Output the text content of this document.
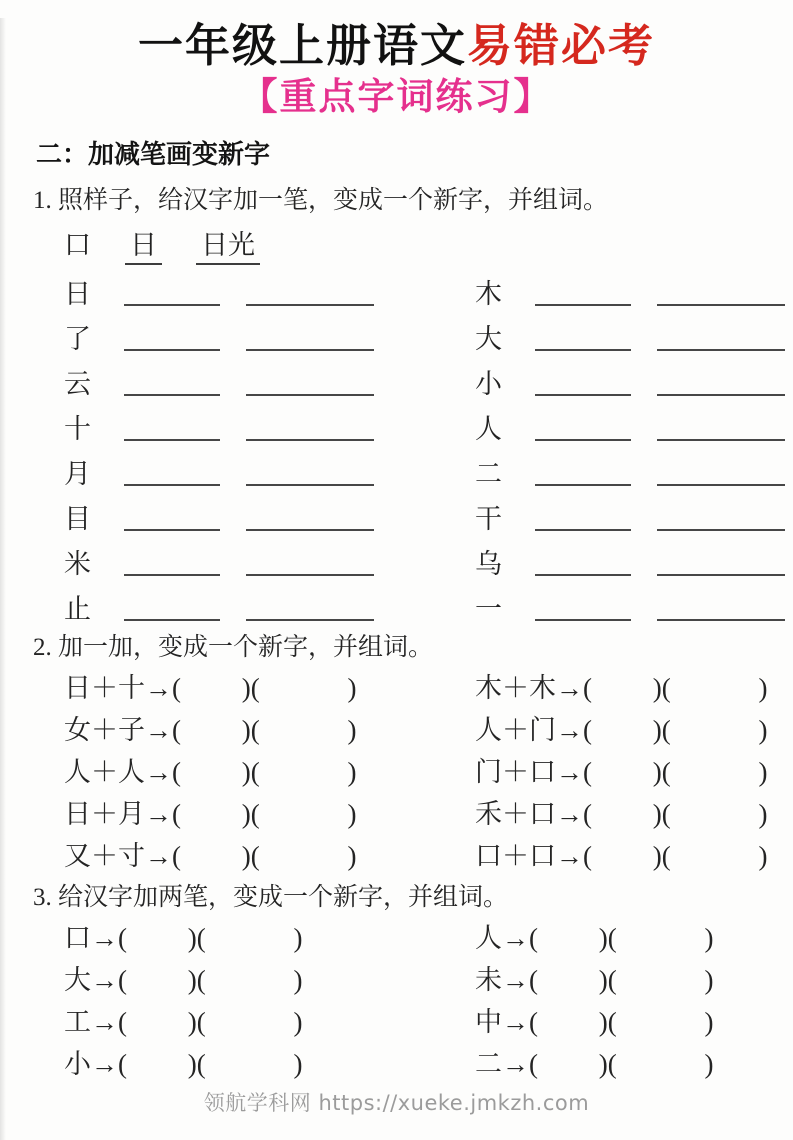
一年级上册语文易错必考
【重点字词练习】
二：加减笔画变新字
1. 照样子，给汉字加一笔，变成一个新字，并组词。
口 日 日光
日
了
云
十
月
目
米
止
木
大
小
人
二
干
乌
一
2. 加一加，变成一个新字，并组词。
日＋十→(         )(             )
女＋子→(         )(             )
人＋人→(         )(             )
日＋月→(         )(             )
又＋寸→(         )(             )
木＋木→(         )(             )
人＋门→(         )(             )
门＋口→(         )(             )
禾＋口→(         )(             )
口＋口→(         )(             )
3. 给汉字加两笔，变成一个新字，并组词。
口→(         )(             )
大→(         )(             )
工→(         )(             )
小→(         )(             )
人→(         )(             )
未→(         )(             )
中→(         )(             )
二→(         )(             )
领航学科网 https://xueke.jmkzh.com
